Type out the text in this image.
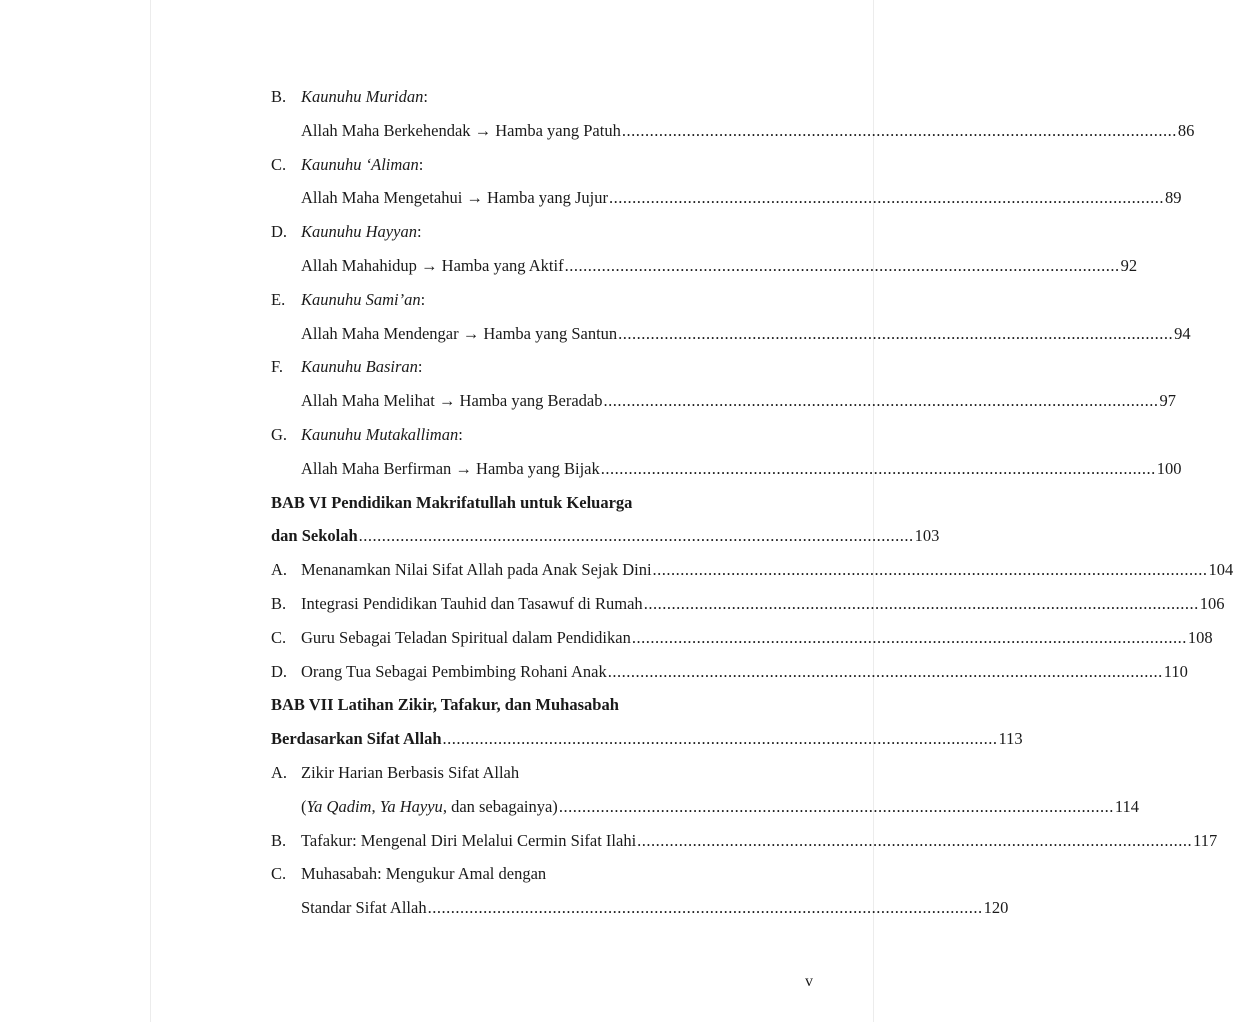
B. Kaunuhu Muridan:
Allah Maha Berkehendak → Hamba yang Patuh ........................................................................................................................ 86
C. Kaunuhu ‘Aliman:
Allah Maha Mengetahui → Hamba yang Jujur ........................................................................................................................ 89
D. Kaunuhu Hayyan:
Allah Mahahidup → Hamba yang Aktif ........................................................................................................................ 92
E. Kaunuhu Sami’an:
Allah Maha Mendengar → Hamba yang Santun ........................................................................................................................ 94
F.	Kaunuhu Basiran:
Allah Maha Melihat → Hamba yang Beradab ........................................................................................................................ 97
G. Kaunuhu Mutakalliman:
Allah Maha Berfirman → Hamba yang Bijak ........................................................................................................................ 100
BAB VI Pendidikan Makrifatullah untuk Keluarga
dan Sekolah ........................................................................................................................ 103
A. Menanamkan Nilai Sifat Allah pada Anak Sejak Dini ........................................................................................................................ 104
B. Integrasi Pendidikan Tauhid dan Tasawuf di Rumah ........................................................................................................................ 106
C. Guru Sebagai Teladan Spiritual dalam Pendidikan ........................................................................................................................ 108
D. Orang Tua Sebagai Pembimbing Rohani Anak ........................................................................................................................ 110
BAB VII Latihan Zikir, Tafakur, dan Muhasabah
Berdasarkan Sifat Allah ........................................................................................................................ 113
A. Zikir Harian Berbasis Sifat Allah
(Ya Qadim, Ya Hayyu, dan sebagainya) ........................................................................................................................ 114
B. Tafakur: Mengenal Diri Melalui Cermin Sifat Ilahi ........................................................................................................................ 117
C. Muhasabah: Mengukur Amal dengan
Standar Sifat Allah ........................................................................................................................ 120
v
